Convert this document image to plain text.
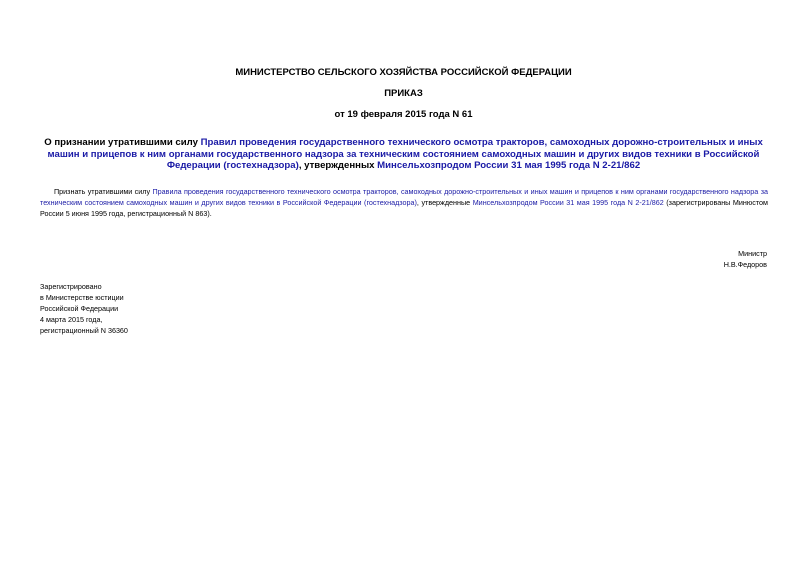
МИНИСТЕРСТВО СЕЛЬСКОГО ХОЗЯЙСТВА РОССИЙСКОЙ ФЕДЕРАЦИИ
ПРИКАЗ
от 19 февраля 2015 года N 61
О признании утратившими силу Правил проведения государственного технического осмотра тракторов, самоходных дорожно-строительных и иных машин и прицепов к ним органами государственного надзора за техническим состоянием самоходных машин и других видов техники в Российской Федерации (гостехнадзора), утвержденных Минсельхозпродом России 31 мая 1995 года N 2-21/862
Признать утратившими силу Правила проведения государственного технического осмотра тракторов, самоходных дорожно-строительных и иных машин и прицепов к ним органами государственного надзора за техническим состоянием самоходных машин и других видов техники в Российской Федерации (гостехнадзора), утвержденные Минсельхозпродом России 31 мая 1995 года N 2-21/862 (зарегистрированы Минюстом России 5 июня 1995 года, регистрационный N 863).
Министр
Н.В.Федоров
Зарегистрировано
в Министерстве юстиции
Российской Федерации
4 марта 2015 года,
регистрационный N 36360
